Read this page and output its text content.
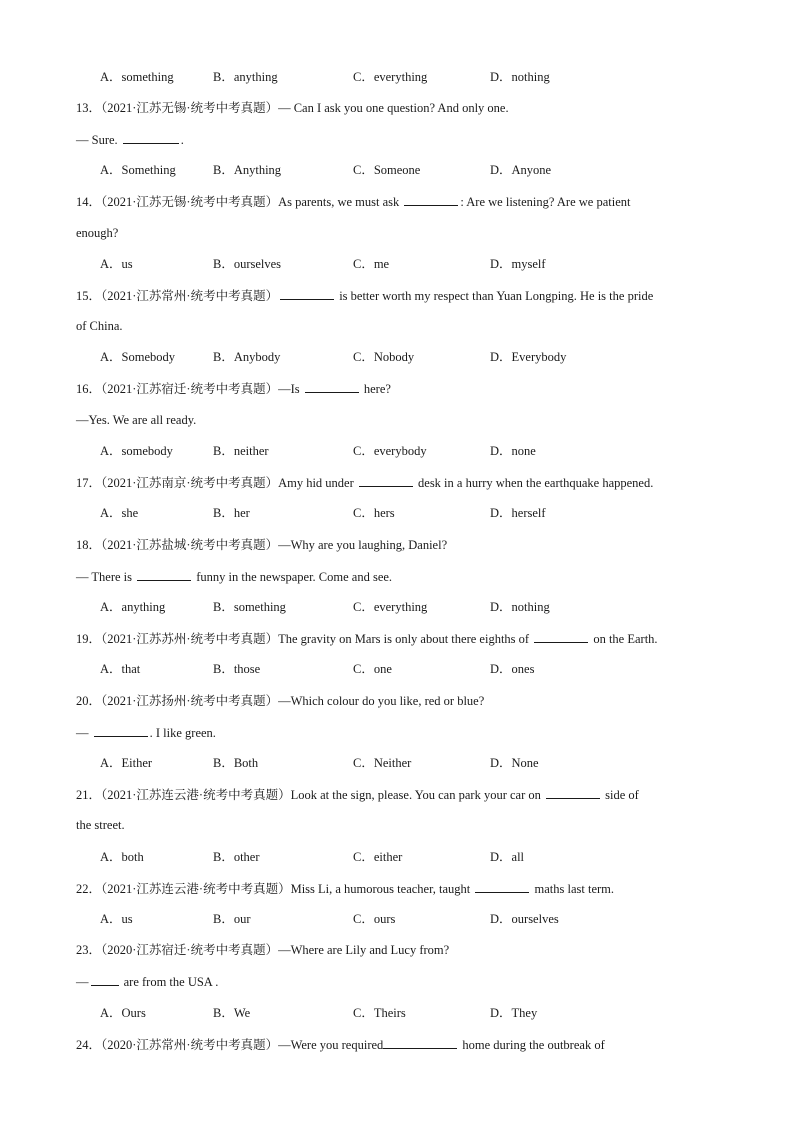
A．something	B．anything	C．everything	D．nothing
13．（2021·江苏无锡·统考中考真题）— Can I ask you one question? And only one.
— Sure.	.
A．Something	B．Anything	C．Someone	D．Anyone
14．（2021·江苏无锡·统考中考真题）As parents, we must ask	: Are we listening? Are we patient
enough?
A．us	B．ourselves	C．me	D．myself
15．（2021·江苏常州·统考中考真题）	is better worth my respect than Yuan Longping. He is the pride
of China.
A．Somebody	B．Anybody	C．Nobody	D．Everybody
16．（2021·江苏宿迁·统考中考真题）—Is	here?
—Yes. We are all ready.
A．somebody	B．neither	C．everybody	D．none
17．（2021·江苏南京·统考中考真题）Amy hid under	desk in a hurry when the earthquake happened.
A．she	B．her	C．hers	D．herself
18．（2021·江苏盐城·统考中考真题）—Why are you laughing, Daniel?
— There is	funny in the newspaper. Come and see.
A．anything	B．something	C．everything	D．nothing
19．（2021·江苏苏州·统考中考真题）The gravity on Mars is only about there eighths of	on the Earth.
A．that	B．those	C．one	D．ones
20．（2021·江苏扬州·统考中考真题）—Which colour do you like, red or blue?
—	. I like green.
A．Either	B．Both	C．Neither	D．None
21．（2021·江苏连云港·统考中考真题）Look at the sign, please. You can park your car on	side of
the street.
A．both	B．other	C．either	D．all
22．（2021·江苏连云港·统考中考真题）Miss Li, a humorous teacher, taught	maths last term.
A．us	B．our	C．ours	D．ourselves
23．（2020·江苏宿迁·统考中考真题）—Where are Lily and Lucy from?
—	are from the USA .
A．Ours	B．We	C．Theirs	D．They
24．（2020·江苏常州·统考中考真题）—Were you required	home during the outbreak of
